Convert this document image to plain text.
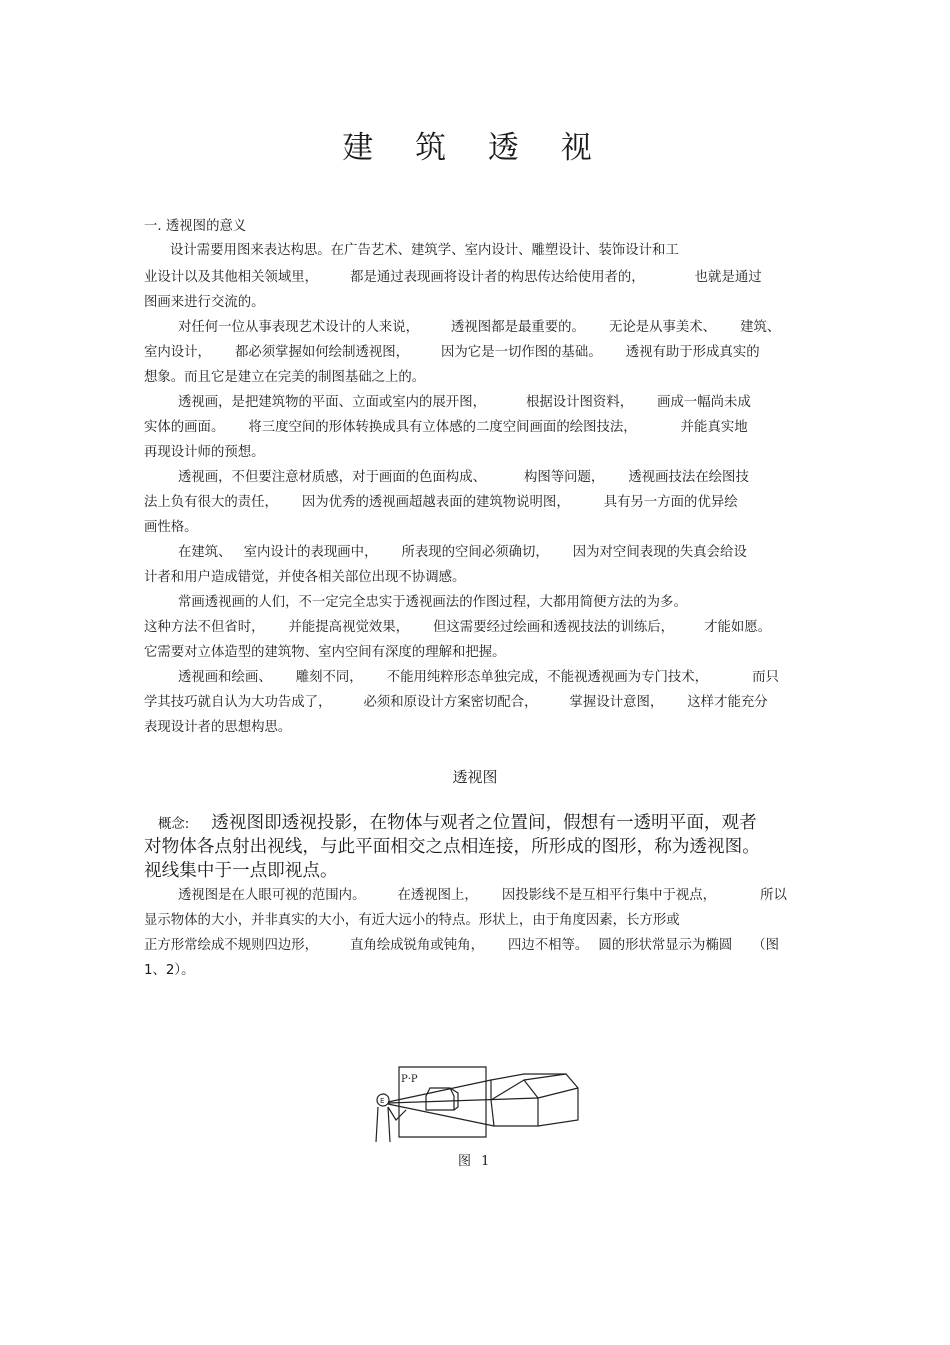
建 筑 透 视
一. 透视图的意义
设计需要用图来表达构思。在广告艺术、建筑学、室内设计、雕塑设计、装饰设计和工
业设计以及其他相关领域里， 都是通过表现画将设计者的构思传达给使用者的，	也就是通过
图画来进行交流的。
对任何一位从事表现艺术设计的人来说， 透视图都是最重要的。 无论是从事美术、 建筑、
室内设计， 都必须掌握如何绘制透视图， 因为它是一切作图的基础。 透视有助于形成真实的
想象。而且它是建立在完美的制图基础之上的。
透视画，是把建筑物的平面、立面或室内的展开图，	根据设计图资料， 画成一幅尚未成
实体的画面。 将三度空间的形体转换成具有立体感的二度空间画面的绘图技法，	并能真实地
再现设计师的预想。
透视画，不但要注意材质感，对于画面的色面构成、	构图等问题， 透视画技法在绘图技
法上负有很大的责任， 因为优秀的透视画超越表面的建筑物说明图，	具有另一方面的优异绘
画性格。
在建筑、 室内设计的表现画中， 所表现的空间必须确切， 因为对空间表现的失真会给设
计者和用户造成错觉，并使各相关部位出现不协调感。
常画透视画的人们，不一定完全忠实于透视画法的作图过程，大都用简便方法的为多。
这种方法不但省时， 并能提高视觉效果， 但这需要经过绘画和透视技法的训练后， 才能如愿。
它需要对立体造型的建筑物、室内空间有深度的理解和把握。
透视画和绘画、 雕刻不同， 不能用纯粹形态单独完成，不能视透视画为专门技术，	而只
学其技巧就自认为大功告成了， 必须和原设计方案密切配合， 掌握设计意图， 这样才能充分
表现设计者的思想构思。
透视图
概念: 透视图即透视投影，在物体与观者之位置间，假想有一透明平面，观者
对物体各点射出视线，与此平面相交之点相连接，所形成的图形，称为透视图。
视线集中于一点即视点。
透视图是在人眼可视的范围内。 在透视图上， 因投影线不是互相平行集中于视点，	所以
显示物体的大小，并非真实的大小，有近大远小的特点。形状上，由于角度因素，长方形或
正方形常绘成不规则四边形， 直角绘成锐角或钝角， 四边不相等。 圆的形状常显示为椭圆 （图
1、2）。
P·P
E
图 1
